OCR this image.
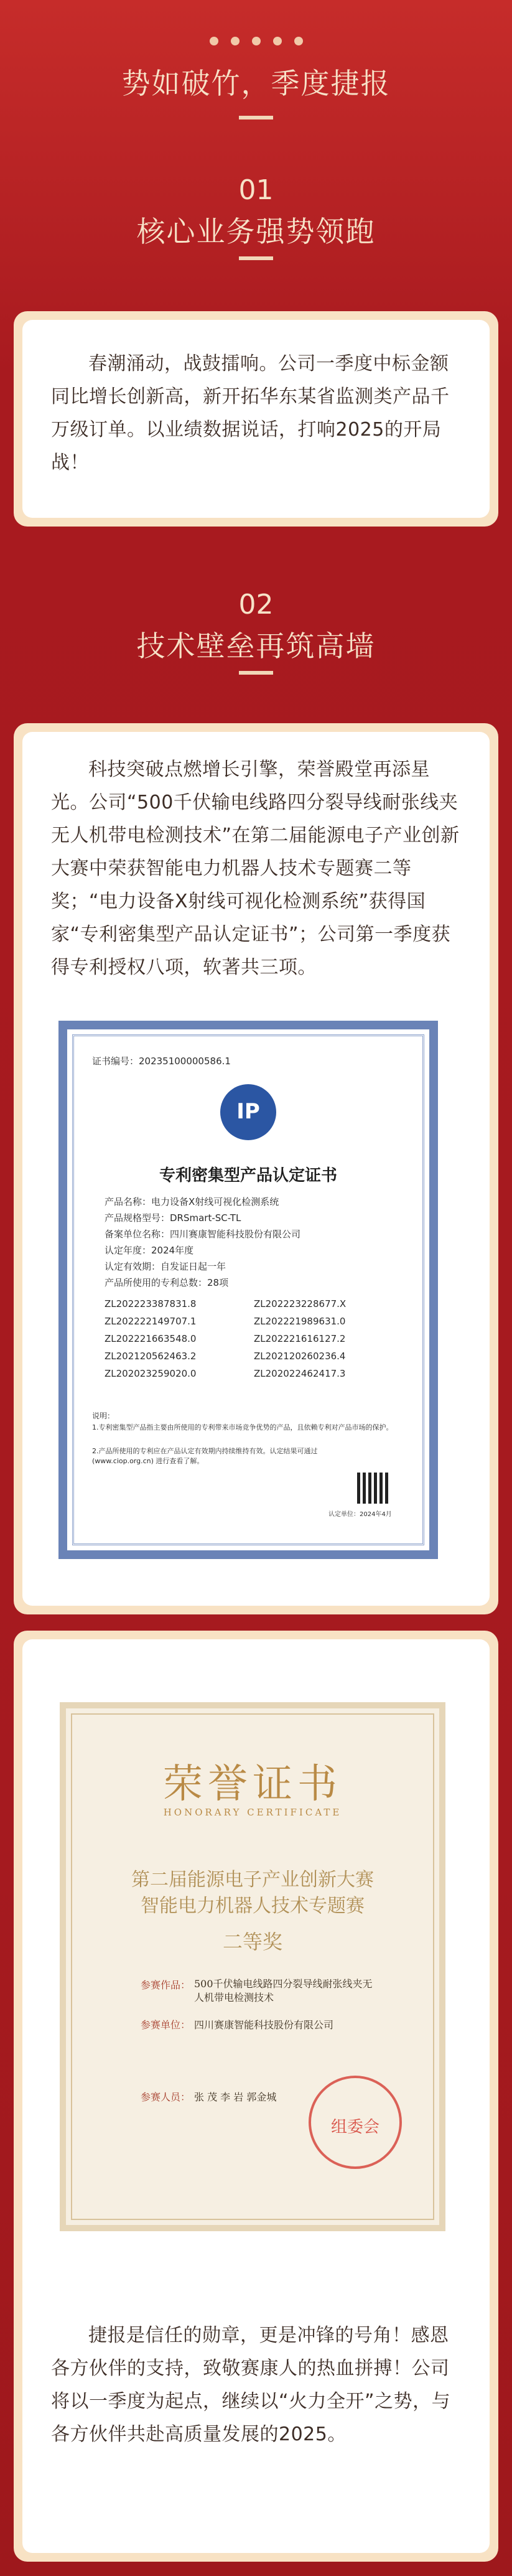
势如破竹，季度捷报
01
核心业务强势领跑
春潮涌动，战鼓擂响。公司一季度中标金额同比增长创新高，新开拓华东某省监测类产品千万级订单。以业绩数据说话，打响2025的开局战！
02
技术壁垒再筑高墙
科技突破点燃增长引擎，荣誉殿堂再添星光。公司“500千伏输电线路四分裂导线耐张线夹无人机带电检测技术”在第二届能源电子产业创新大赛中荣获智能电力机器人技术专题赛二等奖；“电力设备X射线可视化检测系统”获得国家“专利密集型产品认定证书”；公司第一季度获得专利授权八项，软著共三项。
证书编号：20235100000586.1
IP
专利密集型产品认定证书
产品名称：电力设备X射线可视化检测系统
产品规格型号：DRSmart-SC-TL
备案单位名称：四川赛康智能科技股份有限公司
认定年度：2024年度
认定有效期：自发证日起一年
产品所使用的专利总数：28项
ZL202223387831.8	ZL202223228677.X
ZL202222149707.1	ZL202221989631.0
ZL202221663548.0	ZL202221616127.2
ZL202120562463.2	ZL202120260236.4
ZL202023259020.0	ZL202022462417.3
说明：
1.专利密集型产品指主要由所使用的专利带来市场竞争优势的产品，且依赖专利对产品市场的保护。
2.产品所使用的专利应在产品认定有效期内持续维持有效。认定结果可通过 (www.ciop.org.cn) 进行查看了解。
认定单位：2024年4月
捷报是信任的勋章，更是冲锋的号角！感恩各方伙伴的支持，致敬赛康人的热血拼搏！公司将以一季度为起点，继续以“火力全开”之势，与各方伙伴共赴高质量发展的2025。
荣誉证书
HONORARY CERTIFICATE
第二届能源电子产业创新大赛
智能电力机器人技术专题赛
二等奖
参赛作品： 500千伏输电线路四分裂导线耐张线夹无人机带电检测技术
参赛单位： 四川赛康智能科技股份有限公司
参赛人员： 张 茂 李 岩 郭金城
组委会
